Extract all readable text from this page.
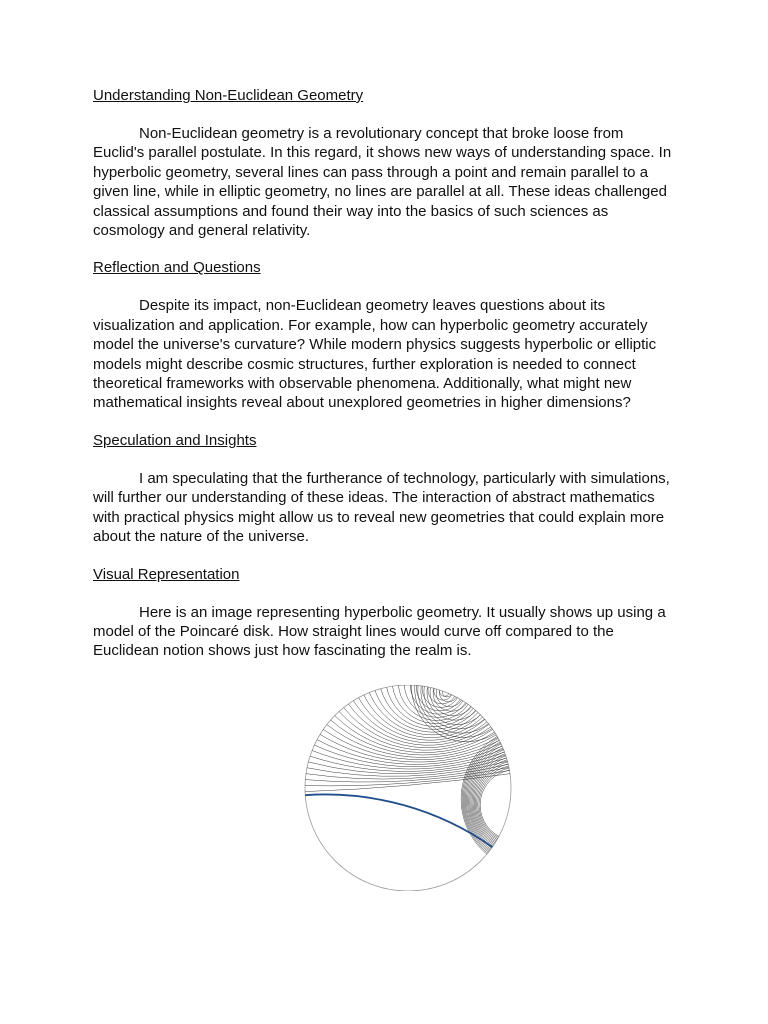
Understanding Non-Euclidean Geometry

Non-Euclidean geometry is a revolutionary concept that broke loose from Euclid's parallel postulate. In this regard, it shows new ways of understanding space. In hyperbolic geometry, several lines can pass through a point and remain parallel to a given line, while in elliptic geometry, no lines are parallel at all. These ideas challenged classical assumptions and found their way into the basics of such sciences as cosmology and general relativity.

Reflection and Questions

Despite its impact, non-Euclidean geometry leaves questions about its visualization and application. For example, how can hyperbolic geometry accurately model the universe's curvature? While modern physics suggests hyperbolic or elliptic models might describe cosmic structures, further exploration is needed to connect theoretical frameworks with observable phenomena. Additionally, what might new mathematical insights reveal about unexplored geometries in higher dimensions?

Speculation and Insights

I am speculating that the furtherance of technology, particularly with simulations, will further our understanding of these ideas. The interaction of abstract mathematics with practical physics might allow us to reveal new geometries that could explain more about the nature of the universe.

Visual Representation

Here is an image representing hyperbolic geometry. It usually shows up using a model of the Poincaré disk. How straight lines would curve off compared to the Euclidean notion shows just how fascinating the realm is.
